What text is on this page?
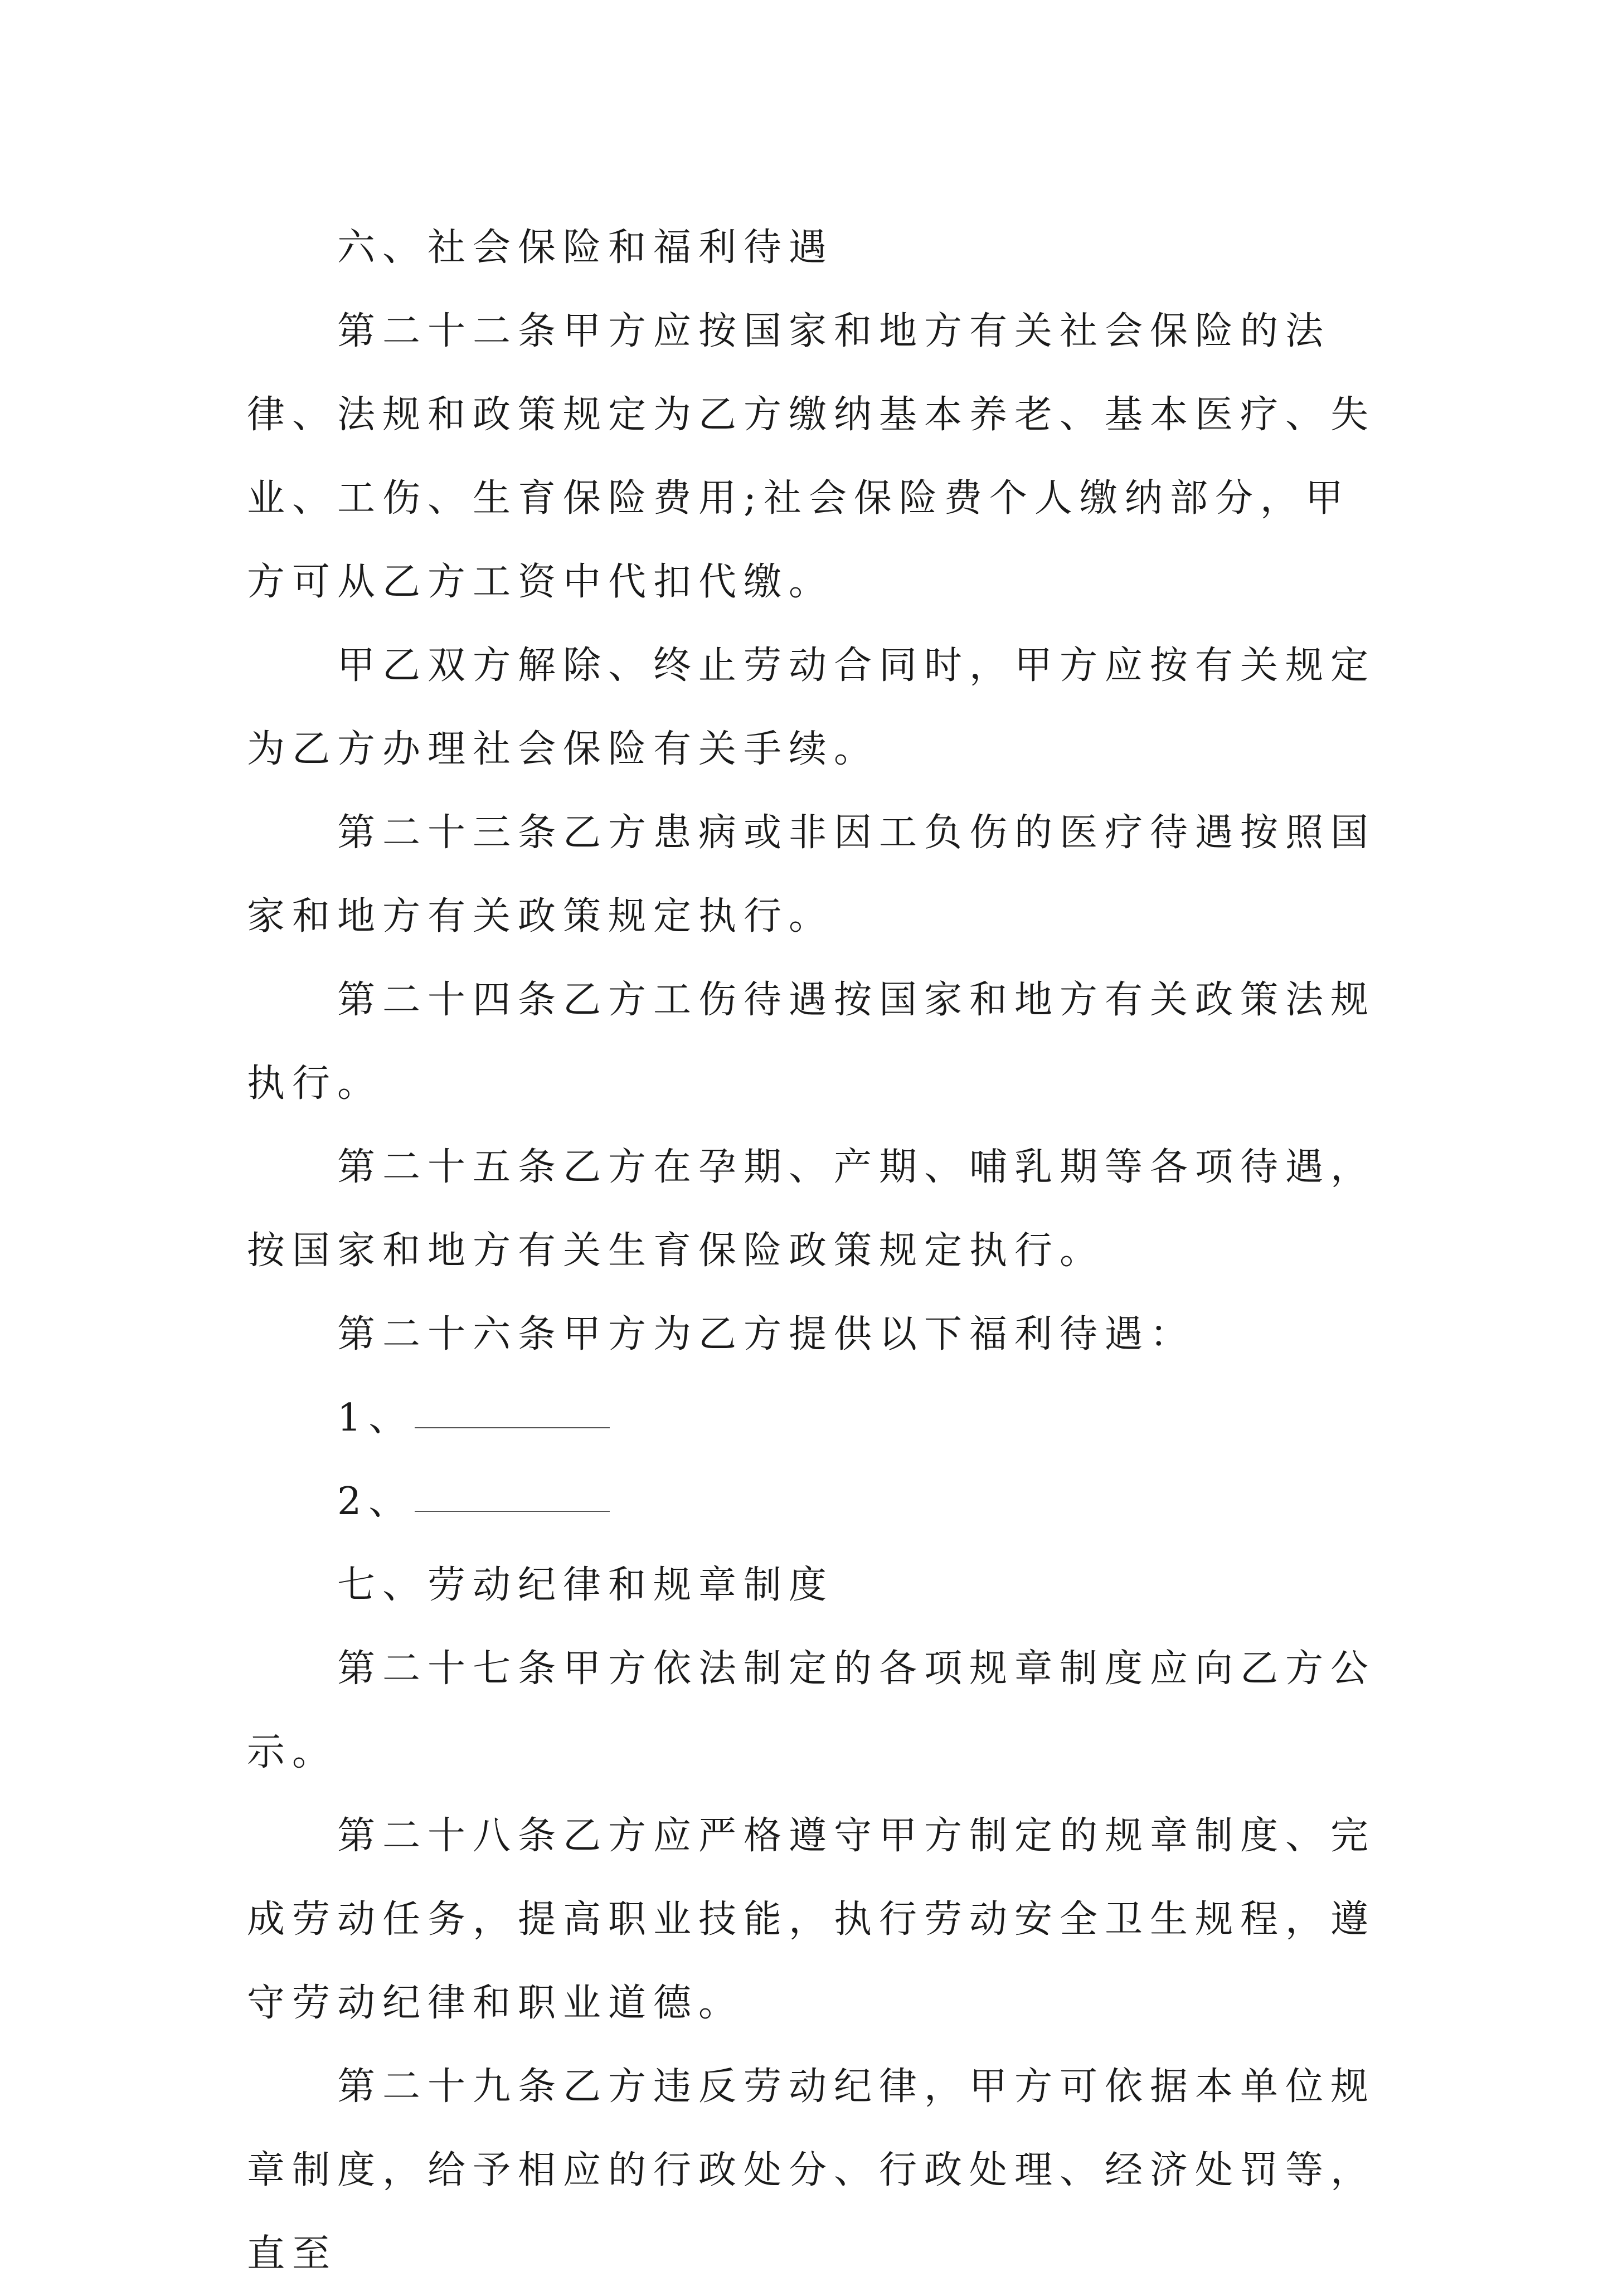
六、社会保险和福利待遇

第二十二条甲方应按国家和地方有关社会保险的法律、法规和政策规定为乙方缴纳基本养老、基本医疗、失业、工伤、生育保险费用;社会保险费个人缴纳部分，甲方可从乙方工资中代扣代缴。

甲乙双方解除、终止劳动合同时，甲方应按有关规定为乙方办理社会保险有关手续。

第二十三条乙方患病或非因工负伤的医疗待遇按照国家和地方有关政策规定执行。

第二十四条乙方工伤待遇按国家和地方有关政策法规执行。

第二十五条乙方在孕期、产期、哺乳期等各项待遇，按国家和地方有关生育保险政策规定执行。

第二十六条甲方为乙方提供以下福利待遇：

1、

2、

七、劳动纪律和规章制度

第二十七条甲方依法制定的各项规章制度应向乙方公示。

第二十八条乙方应严格遵守甲方制定的规章制度、完成劳动任务，提高职业技能，执行劳动安全卫生规程，遵守劳动纪律和职业道德。

第二十九条乙方违反劳动纪律，甲方可依据本单位规章制度，给予相应的行政处分、行政处理、经济处罚等，直至
